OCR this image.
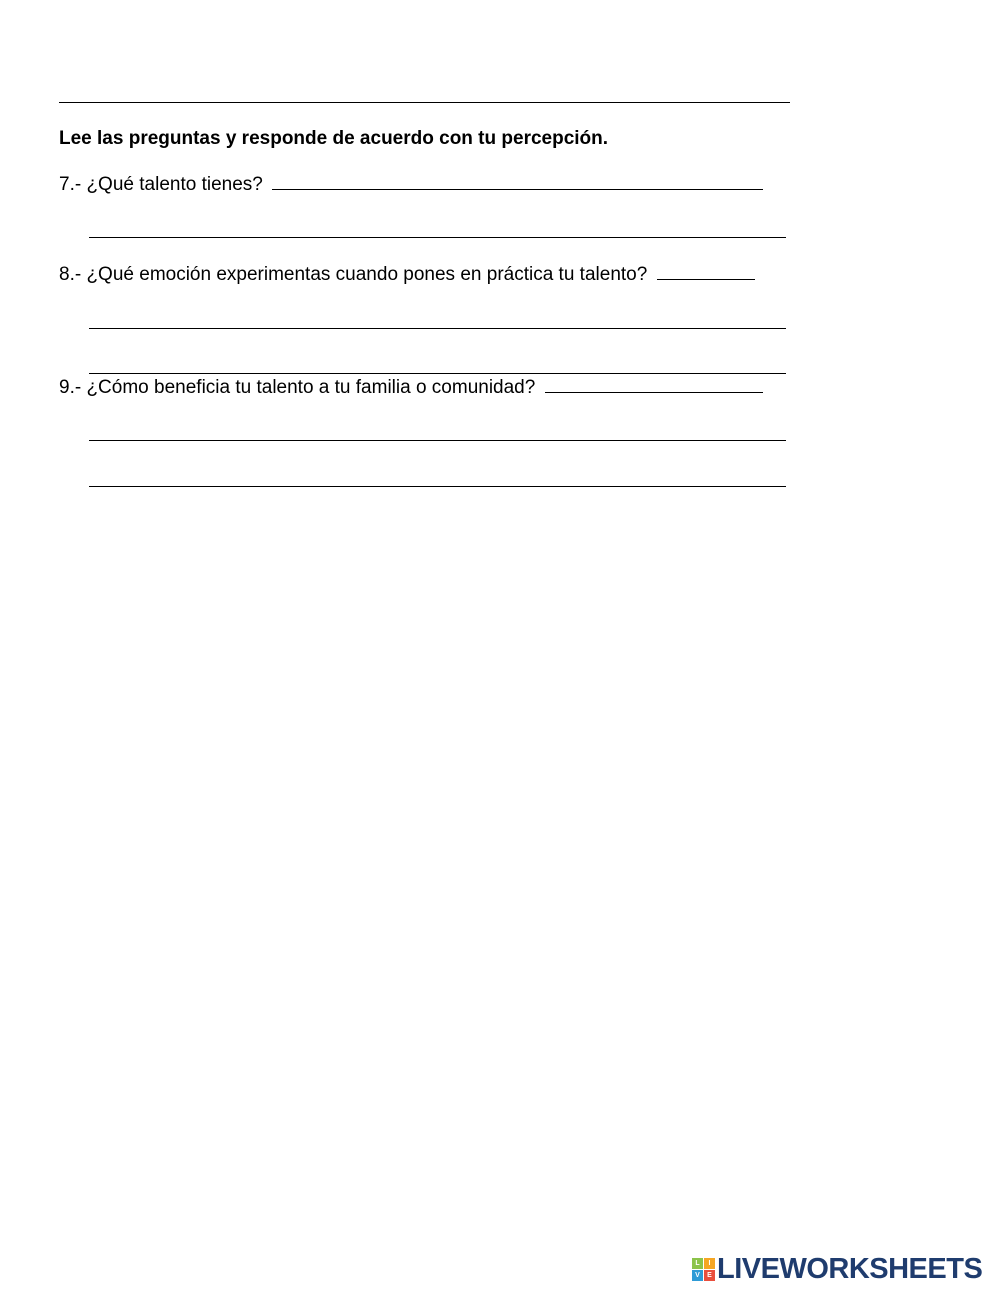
Lee las preguntas y responde de acuerdo con tu percepción.
7.- ¿Qué talento tienes?
8.- ¿Qué emoción experimentas cuando pones en práctica tu talento?
9.- ¿Cómo beneficia tu talento a tu familia o comunidad?
L	I
V	E LIVEWORKSHEETS
